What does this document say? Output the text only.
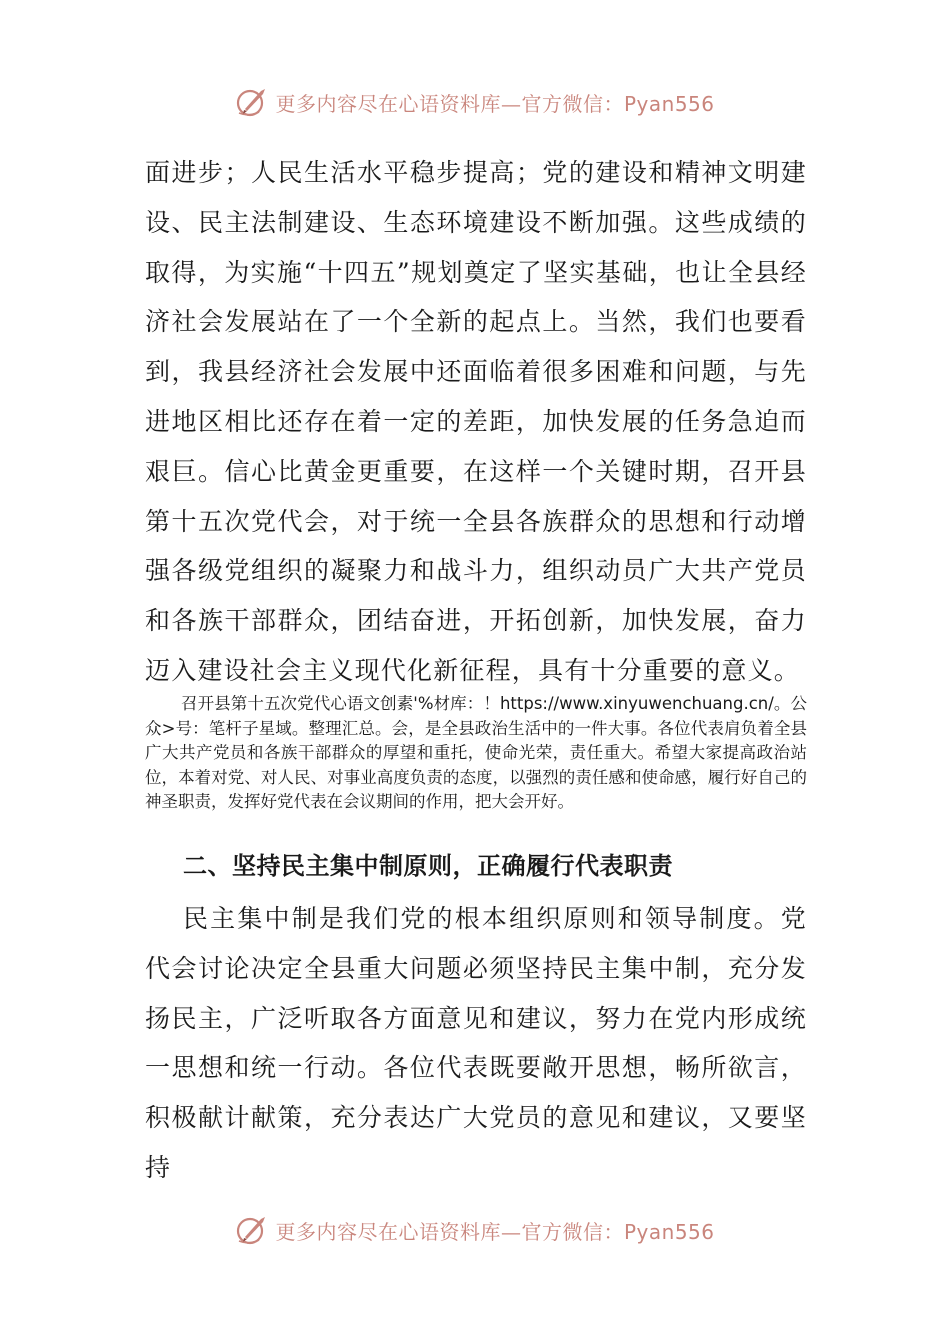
更多内容尽在心语资料库—官方微信：Pyan556

面进步；人民生活水平稳步提高；党的建设和精神文明建设、民主法制建设、生态环境建设不断加强。这些成绩的取得，为实施“十四五”规划奠定了坚实基础，也让全县经济社会发展站在了一个全新的起点上。当然，我们也要看到，我县经济社会发展中还面临着很多困难和问题，与先进地区相比还存在着一定的差距，加快发展的任务急迫而艰巨。信心比黄金更重要，在这样一个关键时期，召开县第十五次党代会，对于统一全县各族群众的思想和行动增强各级党组织的凝聚力和战斗力，组织动员广大共产党员和各族干部群众，团结奋进，开拓创新，加快发展，奋力迈入建设社会主义现代化新征程，具有十分重要的意义。

召开县第十五次党代心语文创素'%材库：！https://www.xinyuwenchuang.cn/。公众>号：笔杆子星域。整理汇总。会，是全县政治生活中的一件大事。各位代表肩负着全县广大共产党员和各族干部群众的厚望和重托，使命光荣，责任重大。希望大家提高政治站位，本着对党、对人民、对事业高度负责的态度，以强烈的责任感和使命感，履行好自己的神圣职责，发挥好党代表在会议期间的作用，把大会开好。

二、坚持民主集中制原则，正确履行代表职责

民主集中制是我们党的根本组织原则和领导制度。党代会讨论决定全县重大问题必须坚持民主集中制，充分发扬民主，广泛听取各方面意见和建议，努力在党内形成统一思想和统一行动。各位代表既要敞开思想，畅所欲言，积极献计献策，充分表达广大党员的意见和建议，又要坚持

更多内容尽在心语资料库—官方微信：Pyan556
